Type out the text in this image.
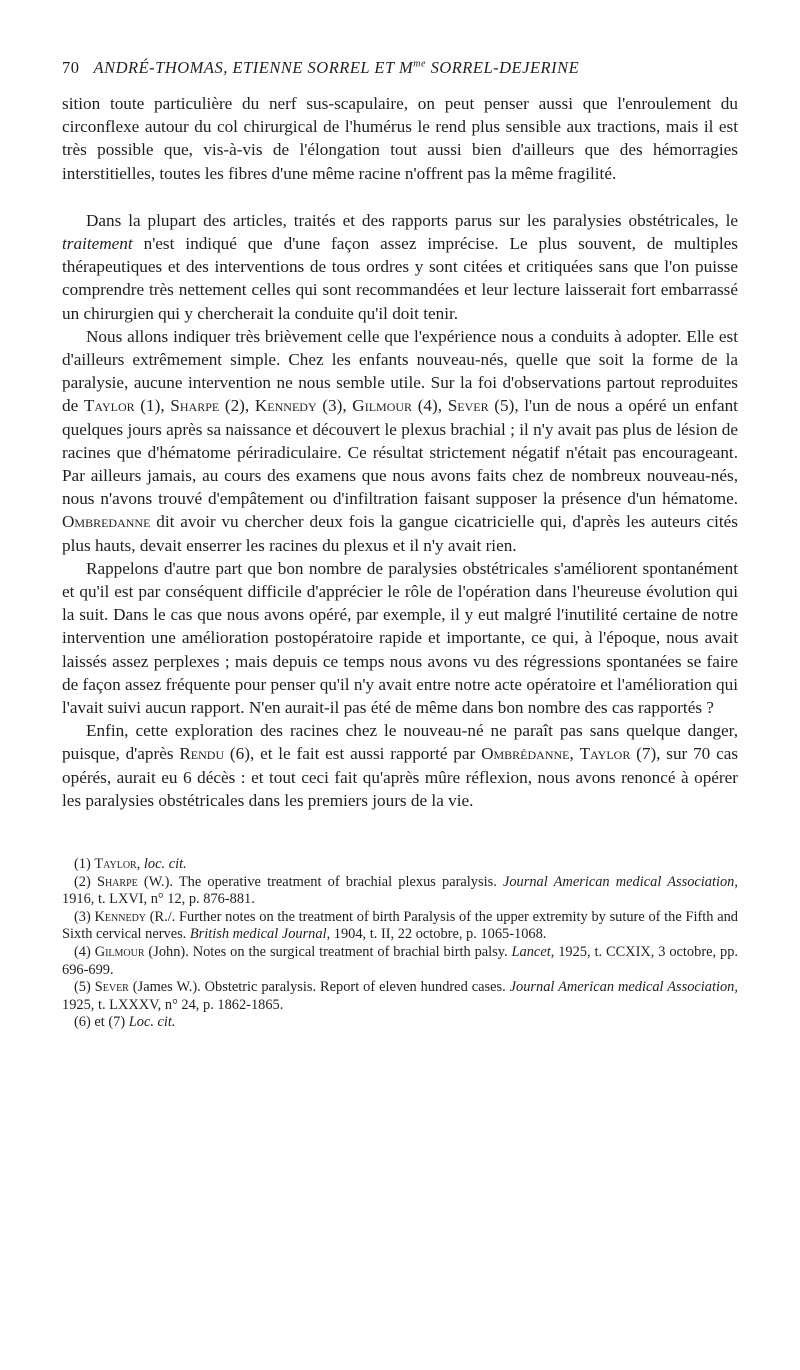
70 ANDRÉ-THOMAS, ETIENNE SORREL ET $M^{me}$ SORREL-DEJERINE

sition toute particulière du nerf sus-scapulaire, on peut penser aussi que l'enroulement du circonflexe autour du col chirurgical de l'humérus le rend plus sensible aux tractions, mais il est très possible que, vis-à-vis de l'élongation tout aussi bien d'ailleurs que des hémorragies interstitielles, toutes les fibres d'une même racine n'offrent pas la même fragilité.

Dans la plupart des articles, traités et des rapports parus sur les paralysies obstétricales, le traitement n'est indiqué que d'une façon assez imprécise. Le plus souvent, de multiples thérapeutiques et des interventions de tous ordres y sont citées et critiquées sans que l'on puisse comprendre très nettement celles qui sont recommandées et leur lecture laisserait fort embarrassé un chirurgien qui y chercherait la conduite qu'il doit tenir.

Nous allons indiquer très brièvement celle que l'expérience nous a conduits à adopter. Elle est d'ailleurs extrêmement simple. Chez les enfants nouveau-nés, quelle que soit la forme de la paralysie, aucune intervention ne nous semble utile. Sur la foi d'observations partout reproduites de Taylor (1), Sharpe (2), Kennedy (3), Gilmour (4), Sever (5), l'un de nous a opéré un enfant quelques jours après sa naissance et découvert le plexus brachial ; il n'y avait pas plus de lésion de racines que d'hématome périradiculaire. Ce résultat strictement négatif n'était pas encourageant. Par ailleurs jamais, au cours des examens que nous avons faits chez de nombreux nouveau-nés, nous n'avons trouvé d'empâtement ou d'infiltration faisant supposer la présence d'un hématome. Ombredanne dit avoir vu chercher deux fois la gangue cicatricielle qui, d'après les auteurs cités plus hauts, devait enserrer les racines du plexus et il n'y avait rien.

Rappelons d'autre part que bon nombre de paralysies obstétricales s'améliorent spontanément et qu'il est par conséquent difficile d'apprécier le rôle de l'opération dans l'heureuse évolution qui la suit. Dans le cas que nous avons opéré, par exemple, il y eut malgré l'inutilité certaine de notre intervention une amélioration postopératoire rapide et importante, ce qui, à l'époque, nous avait laissés assez perplexes ; mais depuis ce temps nous avons vu des régressions spontanées se faire de façon assez fréquente pour penser qu'il n'y avait entre notre acte opératoire et l'amélioration qui l'avait suivi aucun rapport. N'en aurait-il pas été de même dans bon nombre des cas rapportés ?

Enfin, cette exploration des racines chez le nouveau-né ne paraît pas sans quelque danger, puisque, d'après Rendu (6), et le fait est aussi rapporté par Ombrédanne, Taylor (7), sur 70 cas opérés, aurait eu 6 décès : et tout ceci fait qu'après mûre réflexion, nous avons renoncé à opérer les paralysies obstétricales dans les premiers jours de la vie.

(1) Taylor, loc. cit.

(2) Sharpe (W.). The operative treatment of brachial plexus paralysis. Journal American medical Association, 1916, t. LXVI, n° 12, p. 876-881.

(3) Kennedy (R./. Further notes on the treatment of birth Paralysis of the upper extremity by suture of the Fifth and Sixth cervical nerves. British medical Journal, 1904, t. II, 22 octobre, p. 1065-1068.

(4) Gilmour (John). Notes on the surgical treatment of brachial birth palsy. Lancet, 1925, t. CCXIX, 3 octobre, pp. 696-699.

(5) Sever (James W.). Obstetric paralysis. Report of eleven hundred cases. Journal American medical Association, 1925, t. LXXXV, n° 24, p. 1862-1865.

(6) et (7) Loc. cit.
